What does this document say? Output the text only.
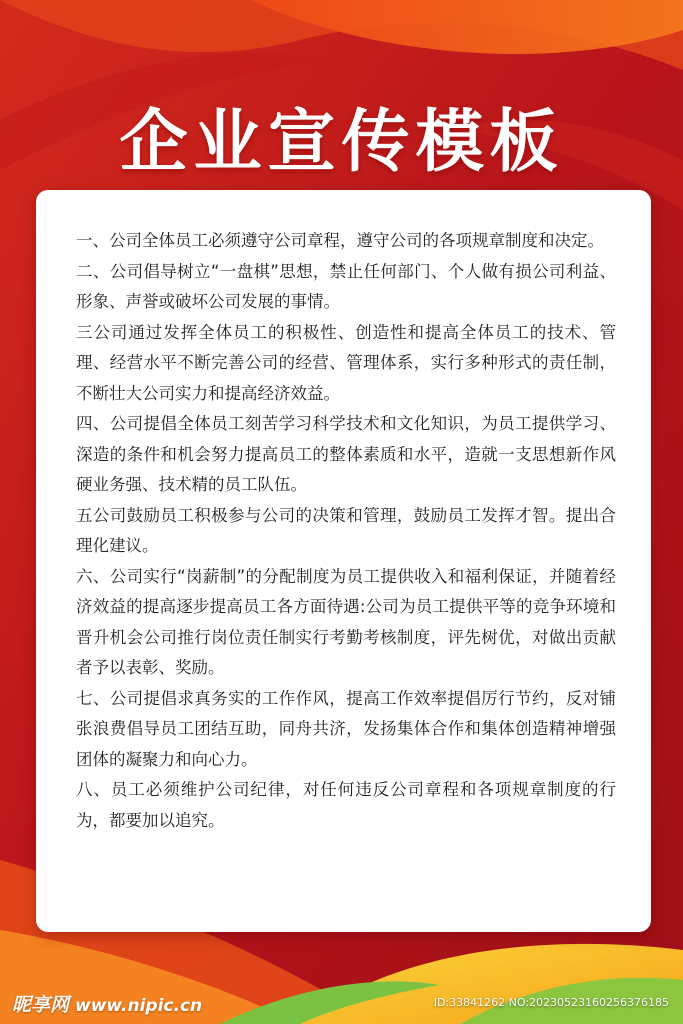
企业宣传模板
一、公司全体员工必须遵守公司章程，遵守公司的各项规章制度和决定。
二、公司倡导树立“一盘棋”思想，禁止任何部门、个人做有损公司利益、形象、声誉或破坏公司发展的事情。
三公司通过发挥全体员工的积极性、创造性和提高全体员工的技术、管理、经营水平不断完善公司的经营、管理体系，实行多种形式的责任制，不断壮大公司实力和提高经济效益。
四、公司提倡全体员工刻苦学习科学技术和文化知识，为员工提供学习、深造的条件和机会努力提高员工的整体素质和水平，造就一支思想新作风硬业务强、技术精的员工队伍。
五公司鼓励员工积极参与公司的决策和管理，鼓励员工发挥才智。提出合理化建议。
六、公司实行“岗薪制”的分配制度为员工提供收入和福利保证，并随着经济效益的提高逐步提高员工各方面待遇:公司为员工提供平等的竞争环境和晋升机会公司推行岗位责任制实行考勤考核制度，评先树优，对做出贡献者予以表彰、奖励。
七、公司提倡求真务实的工作作风，提高工作效率提倡厉行节约，反对铺张浪费倡导员工团结互助，同舟共济，发扬集体合作和集体创造精神增强团体的凝聚力和向心力。
八、员工必须维护公司纪律，对任何违反公司章程和各项规章制度的行为，都要加以追究。
昵享网 www.nipic.cn	ID:33841262 NO:20230523160256376185
